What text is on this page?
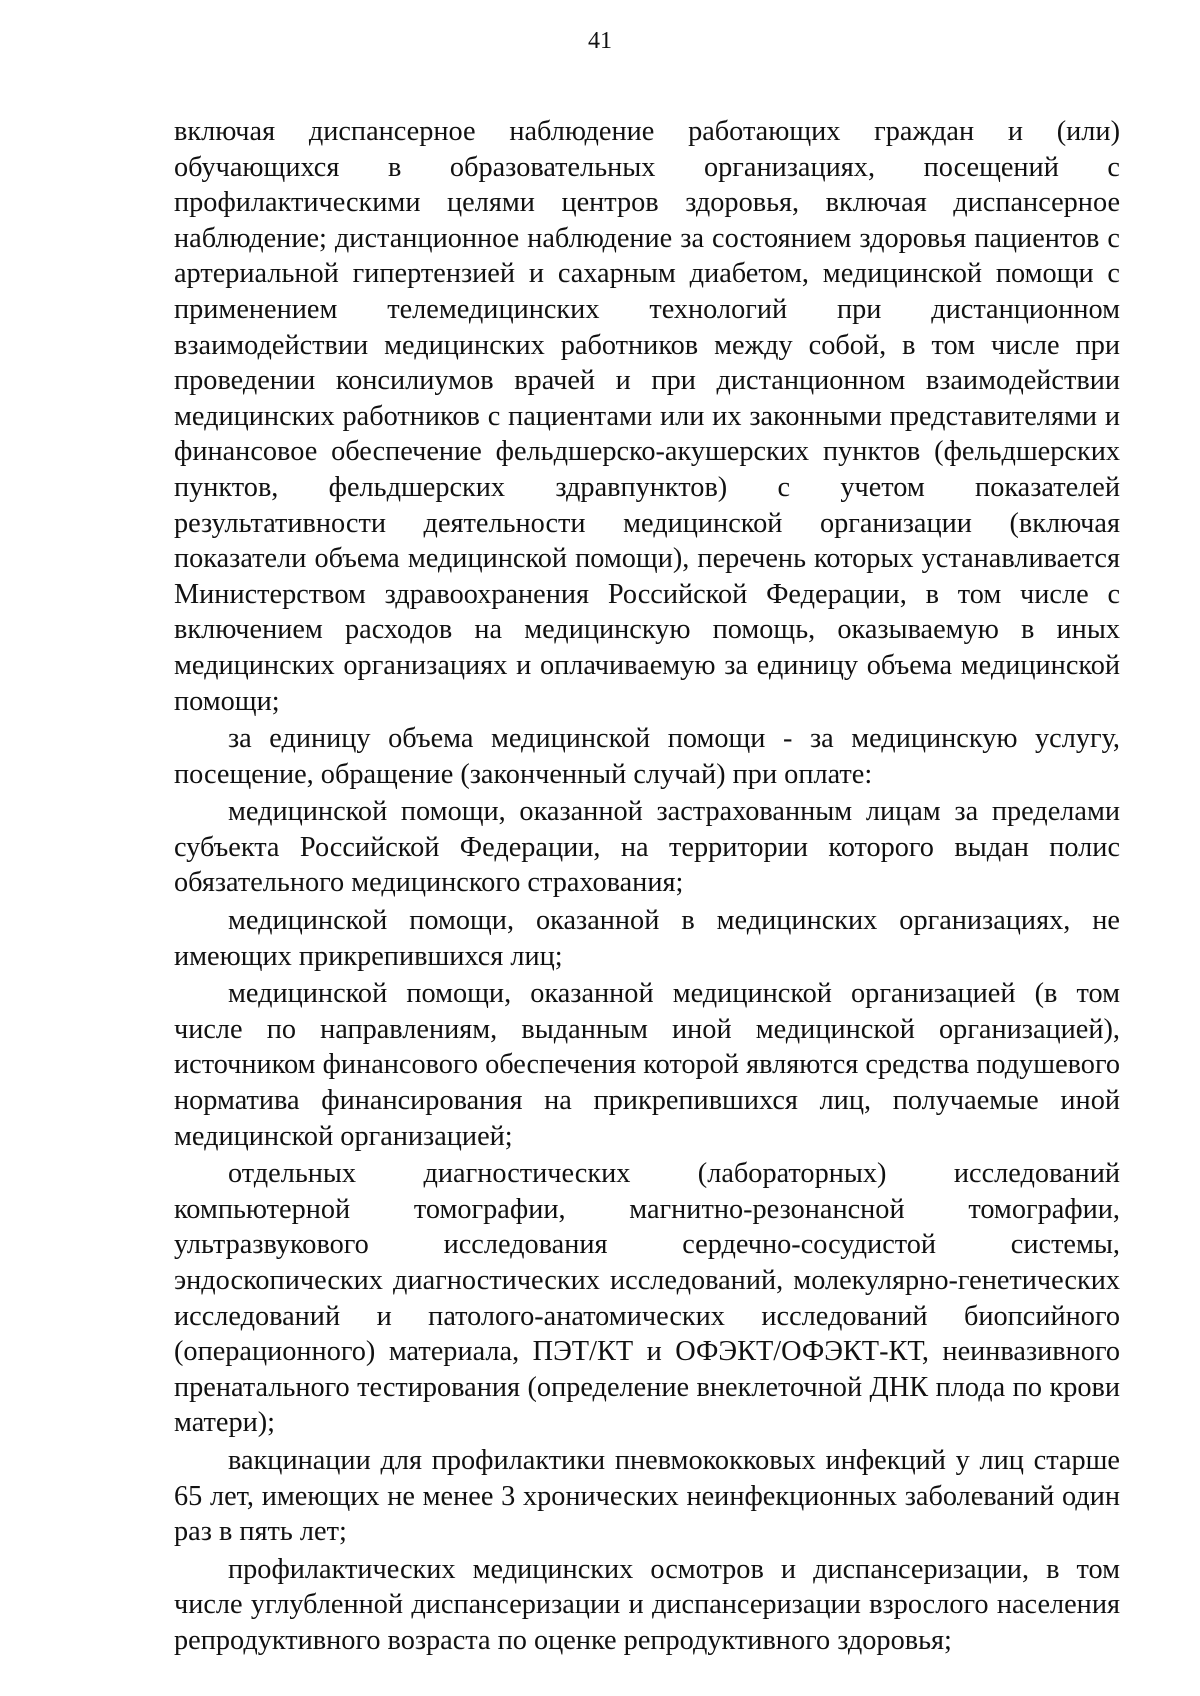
41

включая диспансерное наблюдение работающих граждан и (или) обучающихся в образовательных организациях, посещений с профилактическими целями центров здоровья, включая диспансерное наблюдение; дистанционное наблюдение за состоянием здоровья пациентов с артериальной гипертензией и сахарным диабетом, медицинской помощи с применением телемедицинских технологий при дистанционном взаимодействии медицинских работников между собой, в том числе при проведении консилиумов врачей и при дистанционном взаимодействии медицинских работников с пациентами или их законными представителями и финансовое обеспечение фельдшерско-акушерских пунктов (фельдшерских пунктов, фельдшерских здравпунктов) с учетом показателей результативности деятельности медицинской организации (включая показатели объема медицинской помощи), перечень которых устанавливается Министерством здравоохранения Российской Федерации, в том числе с включением расходов на медицинскую помощь, оказываемую в иных медицинских организациях и оплачиваемую за единицу объема медицинской помощи;

за единицу объема медицинской помощи - за медицинскую услугу, посещение, обращение (законченный случай) при оплате:

медицинской помощи, оказанной застрахованным лицам за пределами субъекта Российской Федерации, на территории которого выдан полис обязательного медицинского страхования;

медицинской помощи, оказанной в медицинских организациях, не имеющих прикрепившихся лиц;

медицинской помощи, оказанной медицинской организацией (в том числе по направлениям, выданным иной медицинской организацией), источником финансового обеспечения которой являются средства подушевого норматива финансирования на прикрепившихся лиц, получаемые иной медицинской организацией;

отдельных диагностических (лабораторных) исследований компьютерной томографии, магнитно-резонансной томографии, ультразвукового исследования сердечно-сосудистой системы, эндоскопических диагностических исследований, молекулярно-генетических исследований и патолого-анатомических исследований биопсийного (операционного) материала, ПЭТ/КТ и ОФЭКТ/ОФЭКТ-КТ, неинвазивного пренатального тестирования (определение внеклеточной ДНК плода по крови матери);

вакцинации для профилактики пневмококковых инфекций у лиц старше 65 лет, имеющих не менее 3 хронических неинфекционных заболеваний один раз в пять лет;

профилактических медицинских осмотров и диспансеризации, в том числе углубленной диспансеризации и диспансеризации взрослого населения репродуктивного возраста по оценке репродуктивного здоровья;
